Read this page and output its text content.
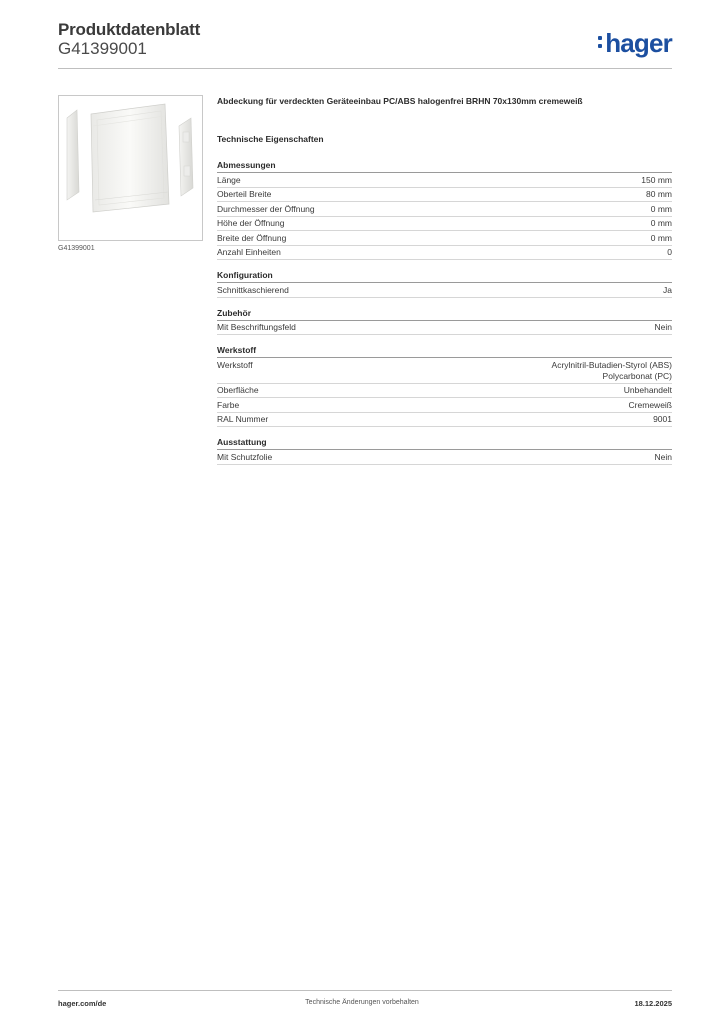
Produktdatenblatt
G41399001	hager
G41399001
Abdeckung für verdeckten Geräteeinbau PC/ABS halogenfrei BRHN 70x130mm cremeweiß
Technische Eigenschaften
Abmessungen
Länge	150 mm
Oberteil Breite	80 mm
Durchmesser der Öffnung	0 mm
Höhe der Öffnung	0 mm
Breite der Öffnung	0 mm
Anzahl Einheiten	0
Konfiguration
Schnittkaschierend	Ja
Zubehör
Mit Beschriftungsfeld	Nein
Werkstoff
Werkstoff	Acrylnitril-Butadien-Styrol (ABS)
Polycarbonat (PC)
Oberfläche	Unbehandelt
Farbe	Cremeweiß
RAL Nummer	9001
Ausstattung
Mit Schutzfolie	Nein
hager.com/de	Technische Änderungen vorbehalten	18.12.2025
